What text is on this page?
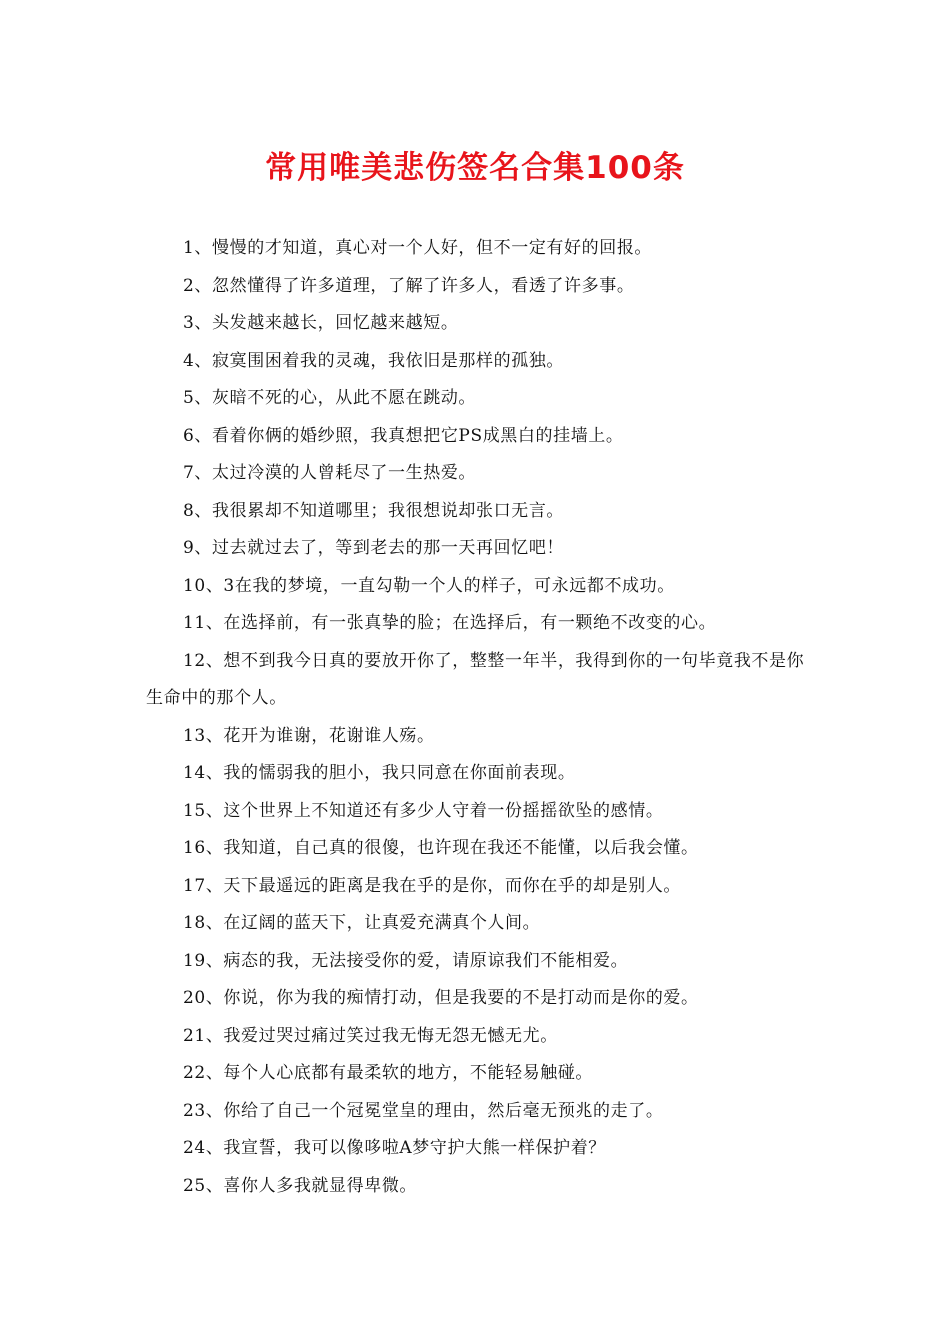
常用唯美悲伤签名合集100条

1、慢慢的才知道，真心对一个人好，但不一定有好的回报。

2、忽然懂得了许多道理，了解了许多人，看透了许多事。

3、头发越来越长，回忆越来越短。

4、寂寞围困着我的灵魂，我依旧是那样的孤独。

5、灰暗不死的心，从此不愿在跳动。

6、看着你俩的婚纱照，我真想把它PS成黑白的挂墙上。

7、太过冷漠的人曾耗尽了一生热爱。

8、我很累却不知道哪里；我很想说却张口无言。

9、过去就过去了，等到老去的那一天再回忆吧！

10、3在我的梦境，一直勾勒一个人的样子，可永远都不成功。

11、在选择前，有一张真挚的脸；在选择后，有一颗绝不改变的心。

12、想不到我今日真的要放开你了，整整一年半，我得到你的一句毕竟我不是你生命中的那个人。

13、花开为谁谢，花谢谁人殇。

14、我的懦弱我的胆小，我只同意在你面前表现。

15、这个世界上不知道还有多少人守着一份摇摇欲坠的感情。

16、我知道，自己真的很傻，也许现在我还不能懂，以后我会懂。

17、天下最遥远的距离是我在乎的是你，而你在乎的却是别人。

18、在辽阔的蓝天下，让真爱充满真个人间。

19、病态的我，无法接受你的爱，请原谅我们不能相爱。

20、你说，你为我的痴情打动，但是我要的不是打动而是你的爱。

21、我爱过哭过痛过笑过我无悔无怨无憾无尤。

22、每个人心底都有最柔软的地方，不能轻易触碰。

23、你给了自己一个冠冕堂皇的理由，然后毫无预兆的走了。

24、我宣誓，我可以像哆啦A梦守护大熊一样保护着？

25、喜你人多我就显得卑微。
